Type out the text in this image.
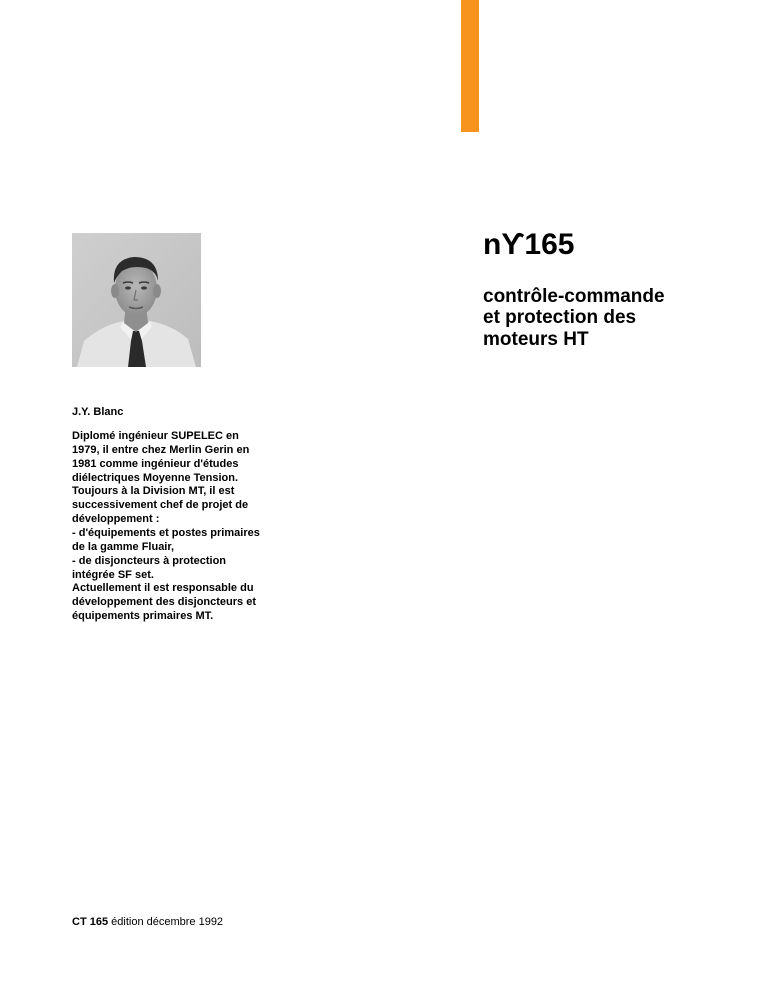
nϒ165
contrôle-commande
et protection des
moteurs HT
J.Y. Blanc
Diplomé ingénieur SUPELEC en
1979, il entre chez Merlin Gerin en
1981 comme ingénieur d'études
diélectriques Moyenne Tension.
Toujours à la Division MT, il est
successivement chef de projet de
développement :
- d'équipements et postes primaires
de la gamme Fluair,
- de disjoncteurs à protection
intégrée SF set.
Actuellement il est responsable du
développement des disjoncteurs et
équipements primaires MT.
CT 165 édition décembre 1992
